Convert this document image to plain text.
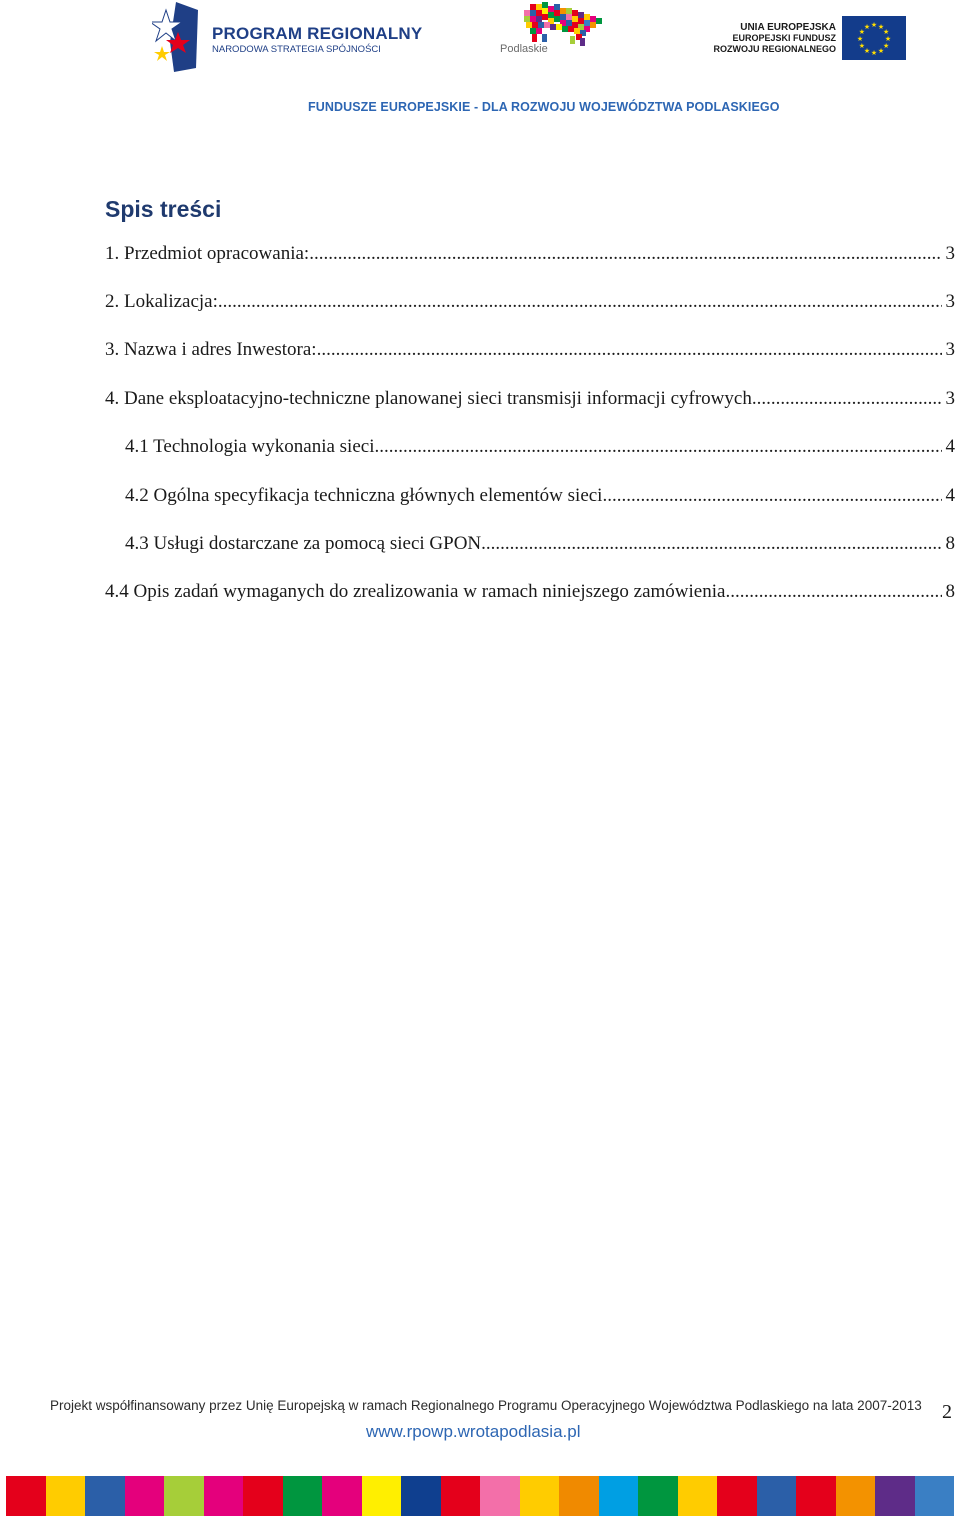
PROGRAM REGIONALNY
NARODOWA STRATEGIA SPÓJNOŚCI	Podlaskie
UNIA EUROPEJSKA
EUROPEJSKI FUNDUSZ
ROZWOJU REGIONALNEGO
★
★
★
★
★
★
★
★
★ ★ ★
★
FUNDUSZE EUROPEJSKIE - DLA ROZWOJU WOJEWÓDZTWA PODLASKIEGO
Spis treści
1. Przedmiot opracowania: .....	3
2. Lokalizacja: .....	3
3. Nazwa i adres Inwestora: .....	3
4. Dane eksploatacyjno-techniczne planowanej sieci transmisji informacji cyfrowych. .....	3
4.1 Technologia wykonania sieci .....	4
4.2 Ogólna specyfikacja techniczna głównych elementów sieci .....	4
4.3 Usługi dostarczane za pomocą sieci GPON .....	8
4.4 Opis zadań wymaganych do zrealizowania w ramach niniejszego zamówienia .....	8
Projekt współfinansowany przez Unię Europejską w ramach Regionalnego Programu Operacyjnego Województwa Podlaskiego na lata 2007-2013
www.rpowp.wrotapodlasia.pl
2
